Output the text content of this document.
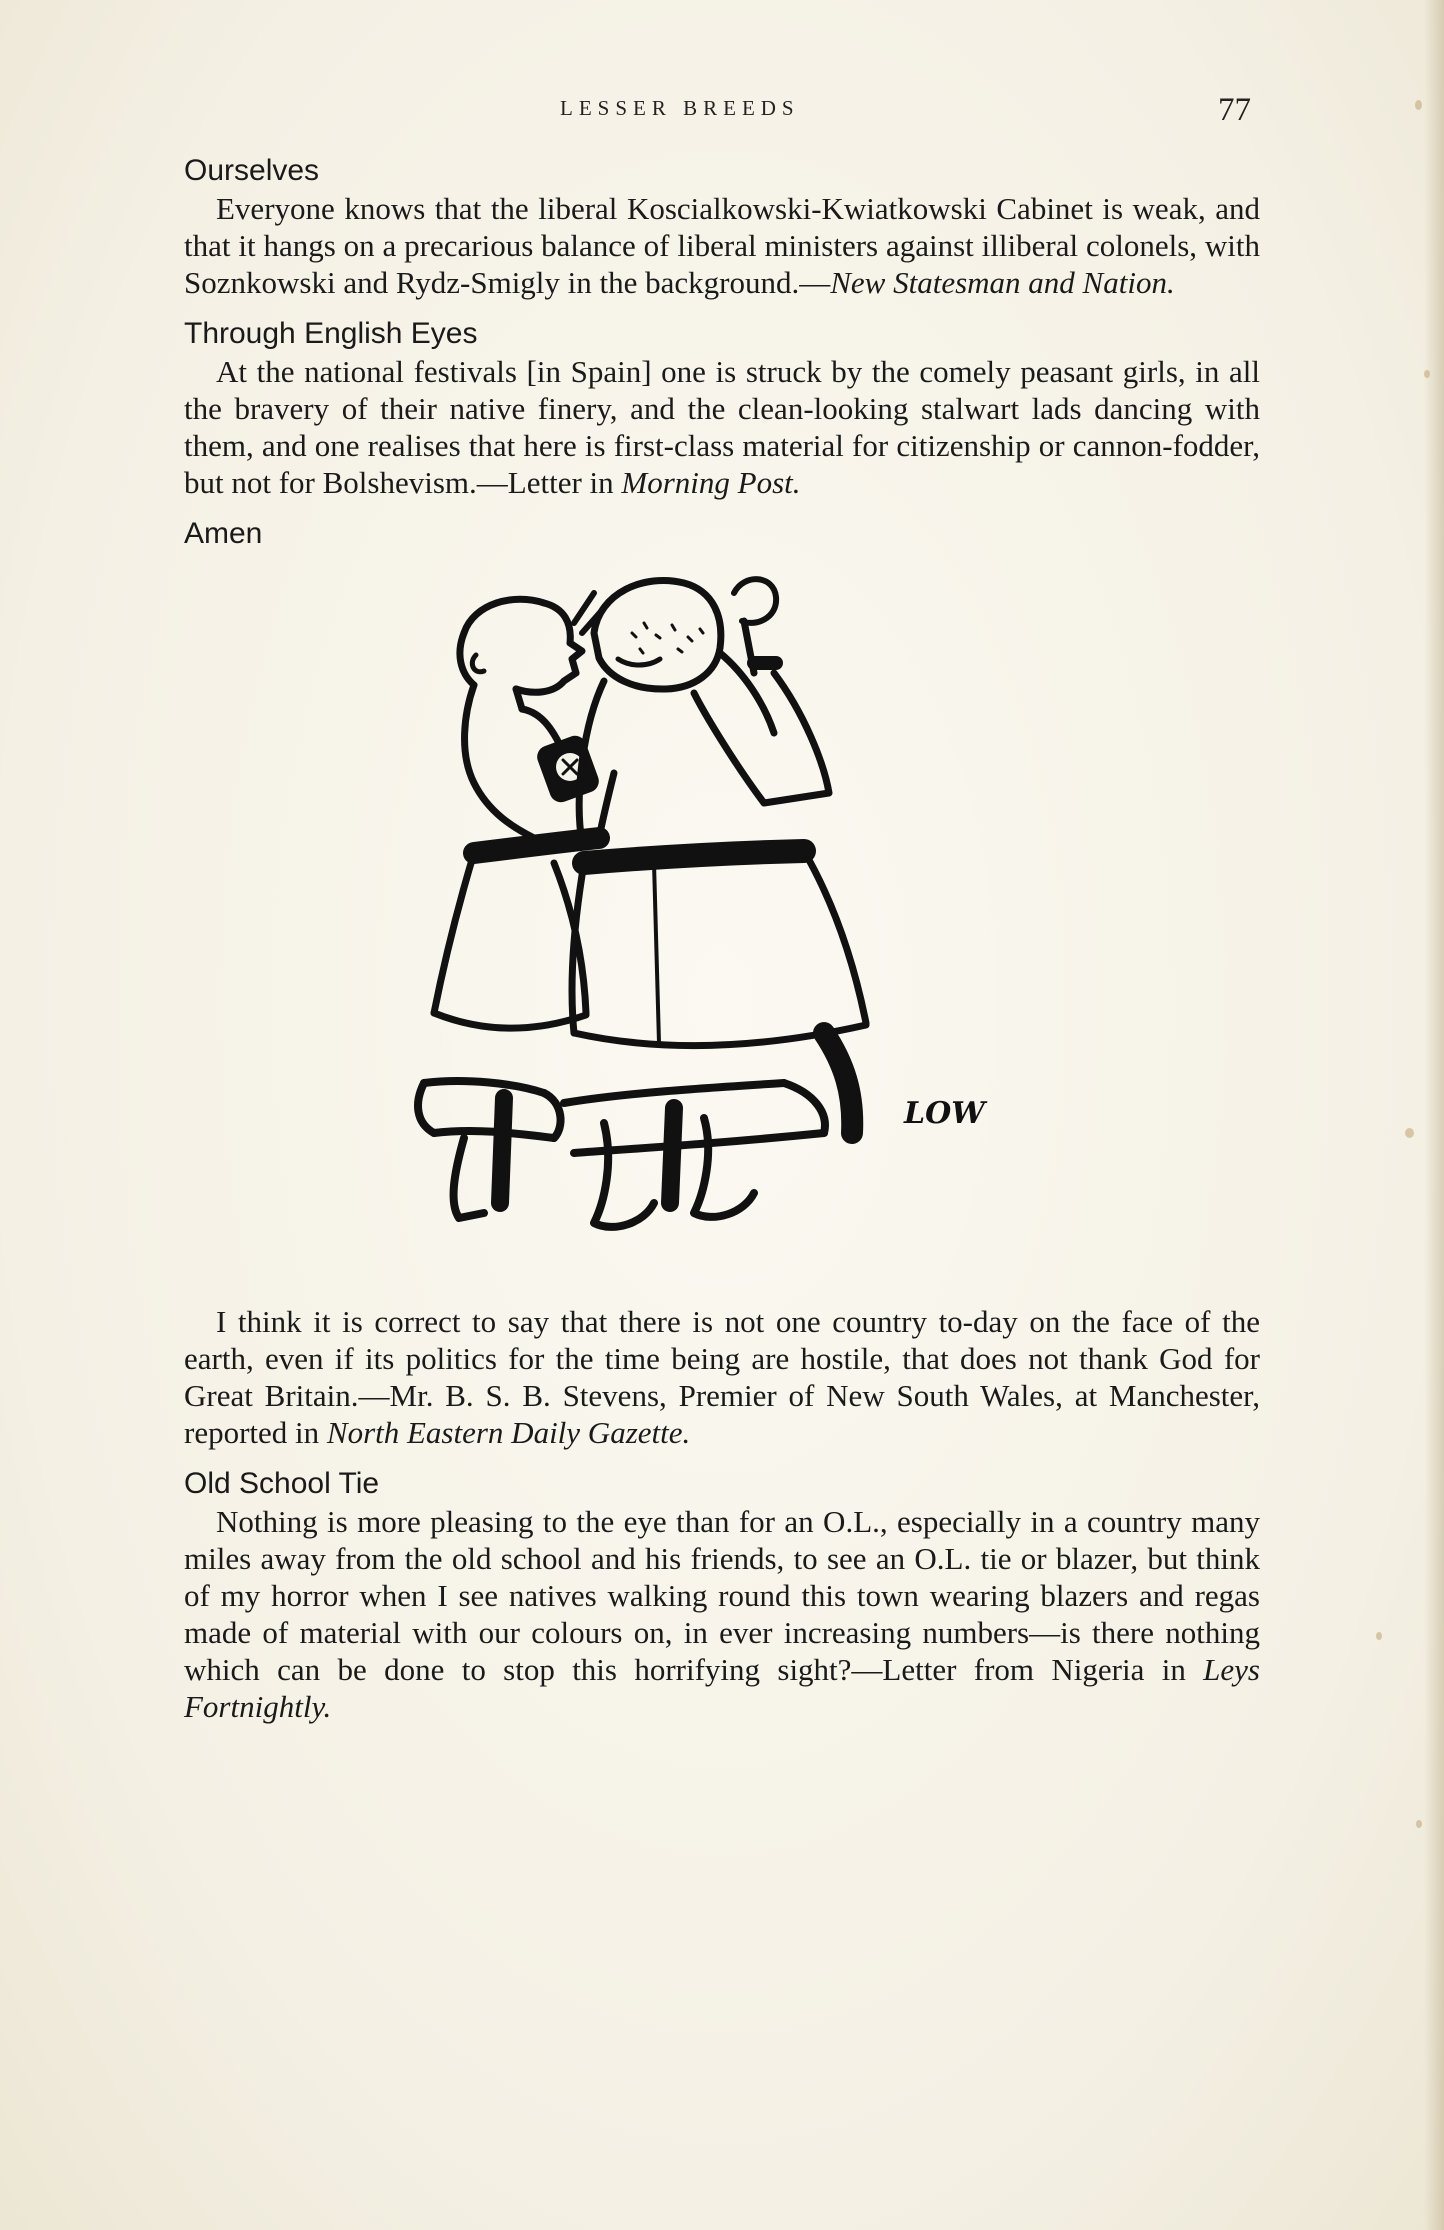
LESSER BREEDS	77
Ourselves

Everyone knows that the liberal Koscialkowski-Kwiatkowski Cabinet is weak, and that it hangs on a precarious balance of liberal ministers against illiberal colonels, with Soznkowski and Rydz-Smigly in the background.—New Statesman and Nation.

Through English Eyes

At the national festivals [in Spain] one is struck by the comely peasant girls, in all the bravery of their native finery, and the clean-looking stalwart lads dancing with them, and one realises that here is first-class material for citizenship or cannon-fodder, but not for Bolshevism.—Letter in Morning Post.

Amen
LOW

I think it is correct to say that there is not one country to-day on the face of the earth, even if its politics for the time being are hostile, that does not thank God for Great Britain.—Mr. B. S. B. Stevens, Premier of New South Wales, at Manchester, reported in North Eastern Daily Gazette.

Old School Tie

Nothing is more pleasing to the eye than for an O.L., especially in a country many miles away from the old school and his friends, to see an O.L. tie or blazer, but think of my horror when I see natives walking round this town wearing blazers and regas made of material with our colours on, in ever increasing numbers—is there nothing which can be done to stop this horrifying sight?—Letter from Nigeria in Leys Fortnightly.
